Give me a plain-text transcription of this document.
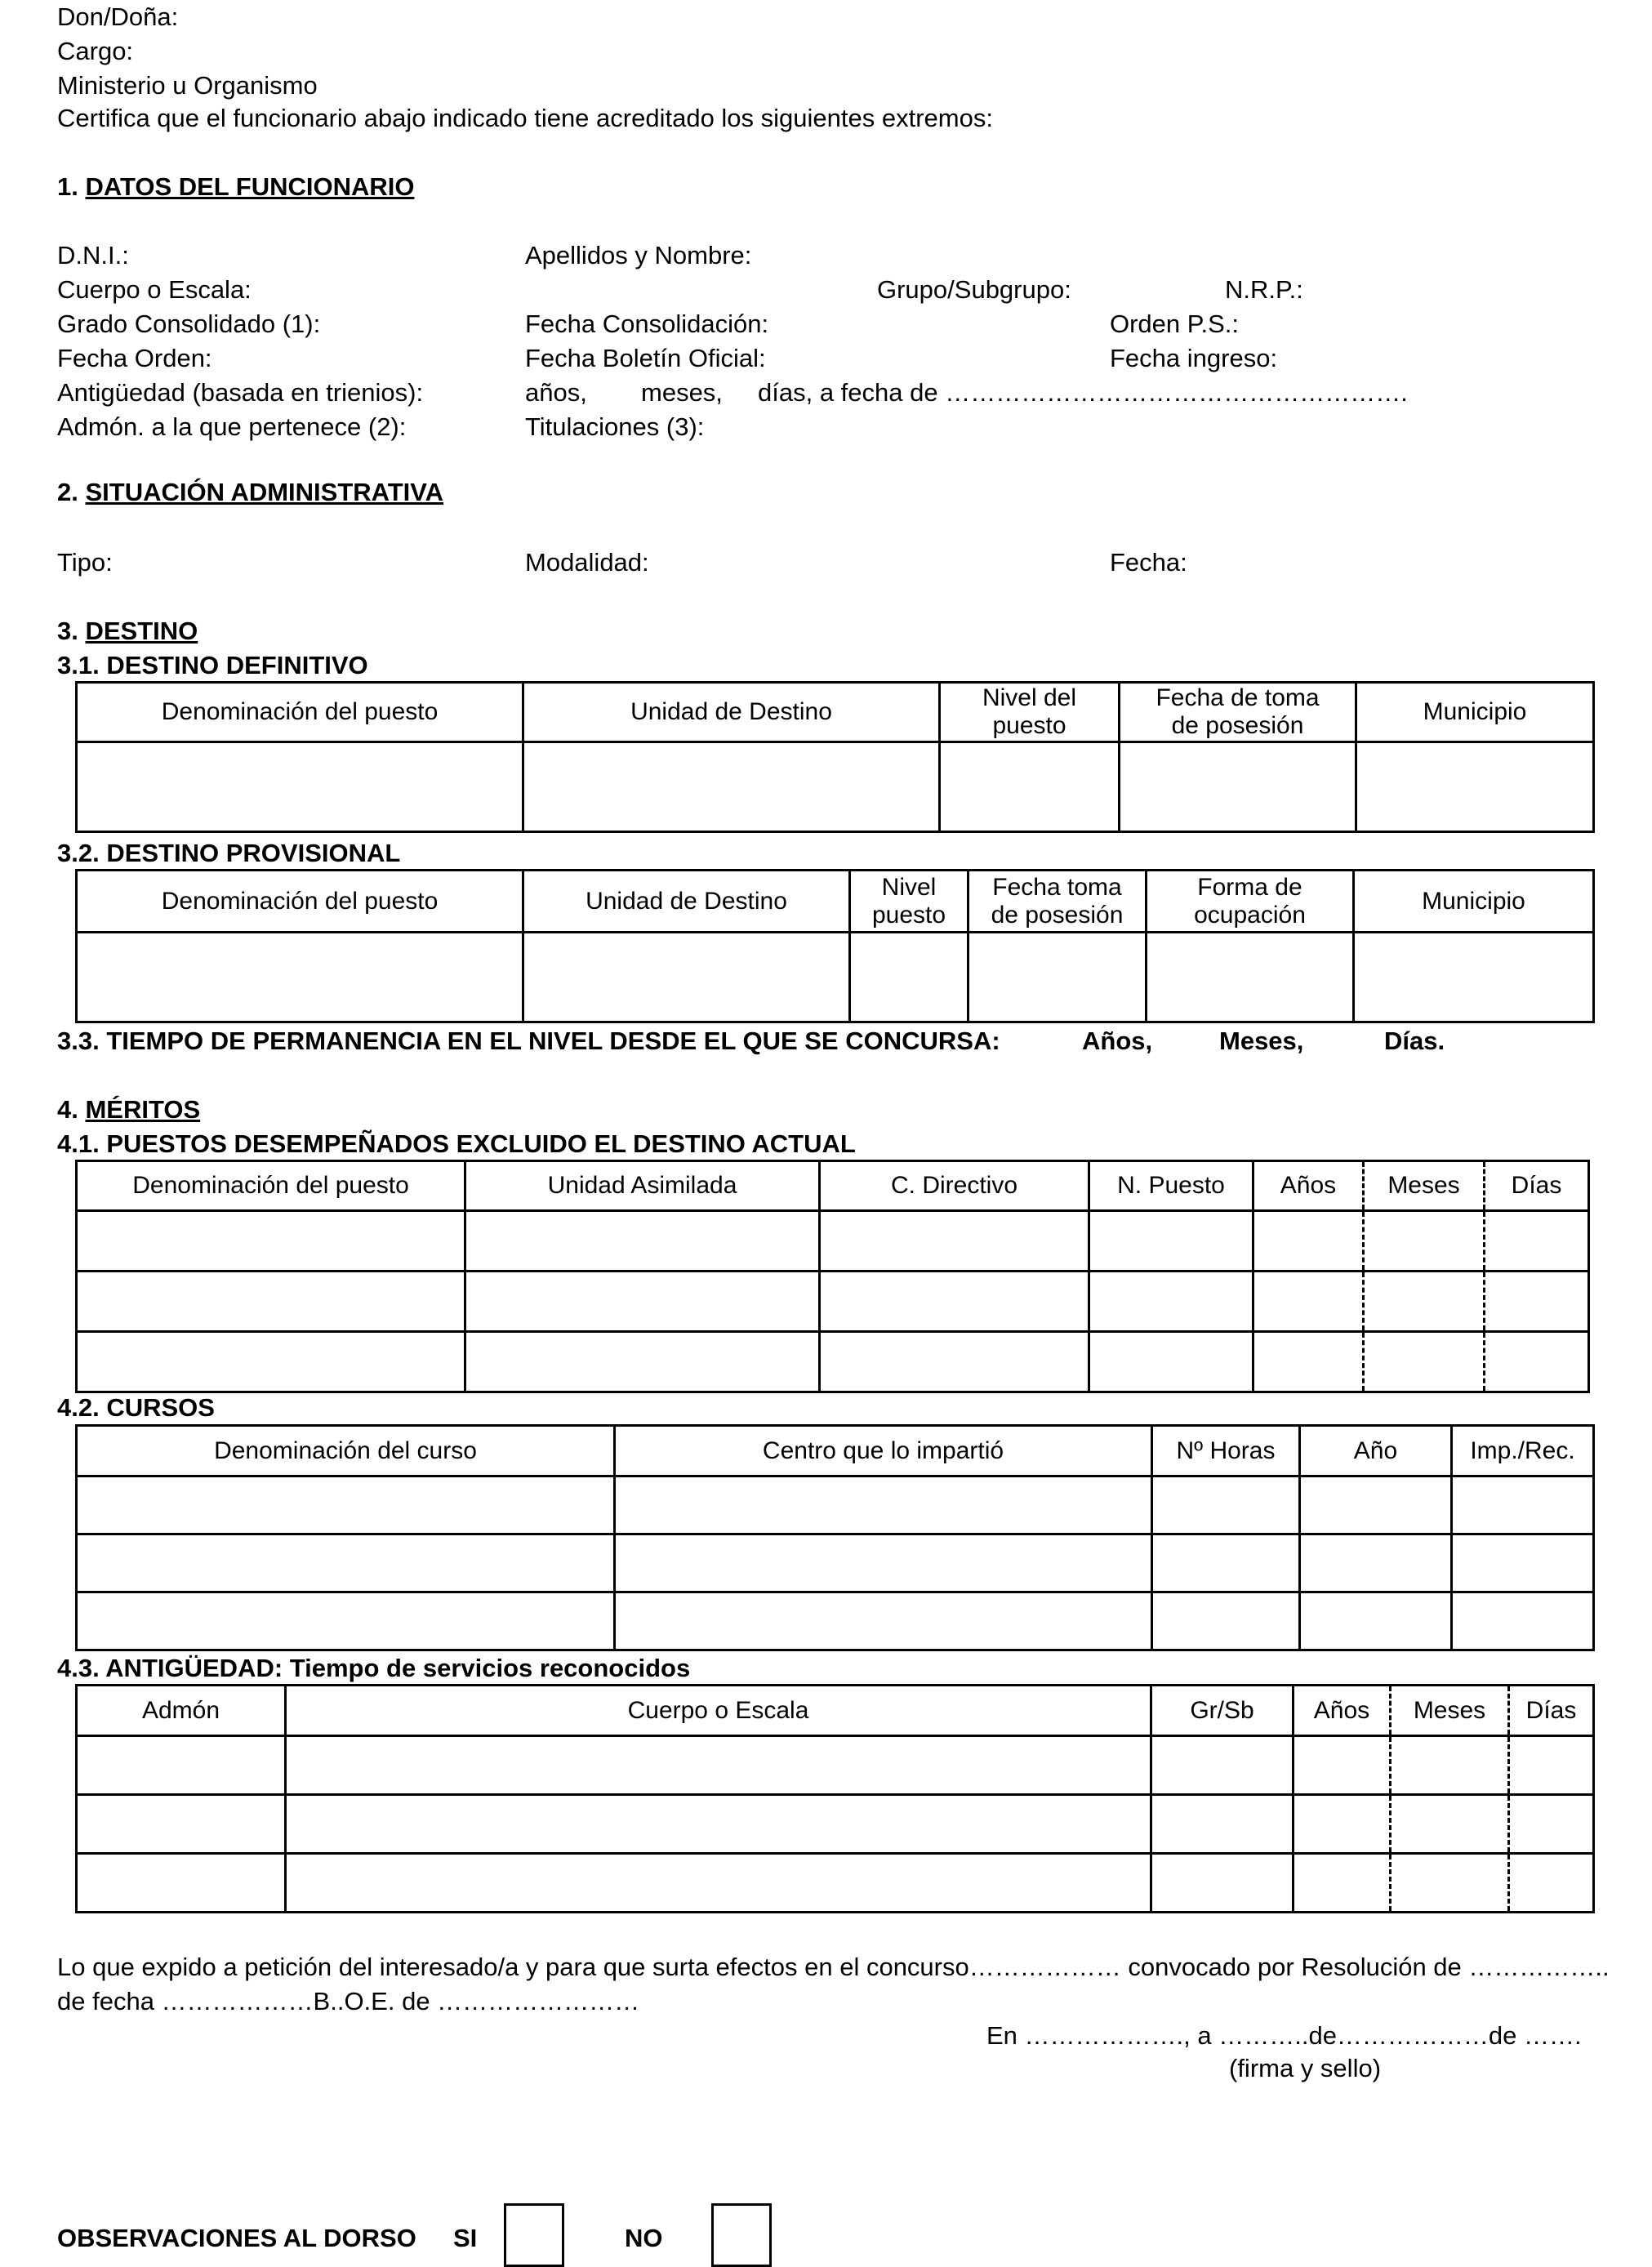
Don/Doña:
Cargo:
Ministerio u Organismo
Certifica que el funcionario abajo indicado tiene acreditado los siguientes extremos:
1. DATOS DEL FUNCIONARIO
D.N.I.:	Apellidos y Nombre:
Cuerpo o Escala:	Grupo/Subgrupo:	N.R.P.:
Grado Consolidado (1):	Fecha Consolidación:	Orden P.S.:
Fecha Orden:	Fecha Boletín Oficial:	Fecha ingreso:
Antigüedad (basada en trienios):	años, meses, días, a fecha de ……………………………………………….
Admón. a la que pertenece (2):	Titulaciones (3):
2. SITUACIÓN ADMINISTRATIVA
Tipo:	Modalidad:	Fecha:
3. DESTINO
3.1. DESTINO DEFINITIVO
Denominación del puesto	Unidad de Destino	Nivel del puesto	Fecha de toma de posesión	Municipio

3.2. DESTINO PROVISIONAL
Denominación del puesto	Unidad de Destino	Nivel puesto	Fecha toma de posesión	Forma de ocupación	Municipio

3.3. TIEMPO DE PERMANENCIA EN EL NIVEL DESDE EL QUE SE CONCURSA:	Años,	Meses,	Días.
4. MÉRITOS
4.1. PUESTOS DESEMPEÑADOS EXCLUIDO EL DESTINO ACTUAL
Denominación del puesto	Unidad Asimilada	C. Directivo	N. Puesto	Años	Meses	Días

4.2. CURSOS
Denominación del curso	Centro que lo impartió	Nº Horas	Año	Imp./Rec.

4.3. ANTIGÜEDAD: Tiempo de servicios reconocidos
Admón	Cuerpo o Escala	Gr/Sb	Años	Meses	Días

Lo que expido a petición del interesado/a y para que surta efectos en el concurso……………… convocado por Resolución de ……………..
de fecha ………………B..O.E. de ……………………
En ………………., a ………..de………………de …….
(firma y sello)
OBSERVACIONES AL DORSO SI	NO
